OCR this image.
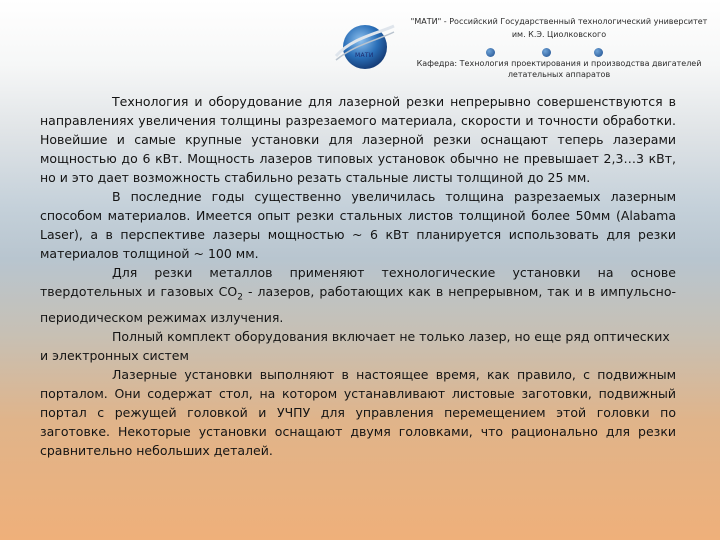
МАТИ
"МАТИ" - Российский Государственный технологический университет
им. К.Э. Циолковского
Кафедра: Технология проектирования и производства двигателей летательных аппаратов

Технология и оборудование для лазерной резки непрерывно совершенствуются в направлениях увеличения толщины разрезаемого материала, скорости и точности обработки. Новейшие и самые крупные установки для лазерной резки оснащают теперь лазерами мощностью до 6 кВт. Мощность лазеров типовых установок обычно не превышает 2,3…3 кВт, но и это дает возможность стабильно резать стальные листы толщиной до 25 мм.

В последние годы существенно увеличилась толщина разрезаемых лазерным способом материалов. Имеется опыт резки стальных листов толщиной более 50мм (Alabama Laser), а в перспективе лазеры мощностью ~ 6 кВт планируется использовать для резки материалов толщиной ~ 100 мм.

Для резки металлов применяют технологические установки на основе твердотельных и газовых $CO_2$ - лазеров, работающих как в непрерывном, так и в импульсно-периодическом режимах излучения.

Полный комплект оборудования включает не только лазер, но еще ряд оптических и электронных систем

Лазерные установки выполняют в настоящее время, как правило, с подвижным порталом. Они содержат стол, на котором устанавливают листовые заготовки, подвижный портал с режущей головкой и УЧПУ для управления перемещением этой головки по заготовке. Некоторые установки оснащают двумя головками, что рационально для резки сравнительно небольших деталей.
